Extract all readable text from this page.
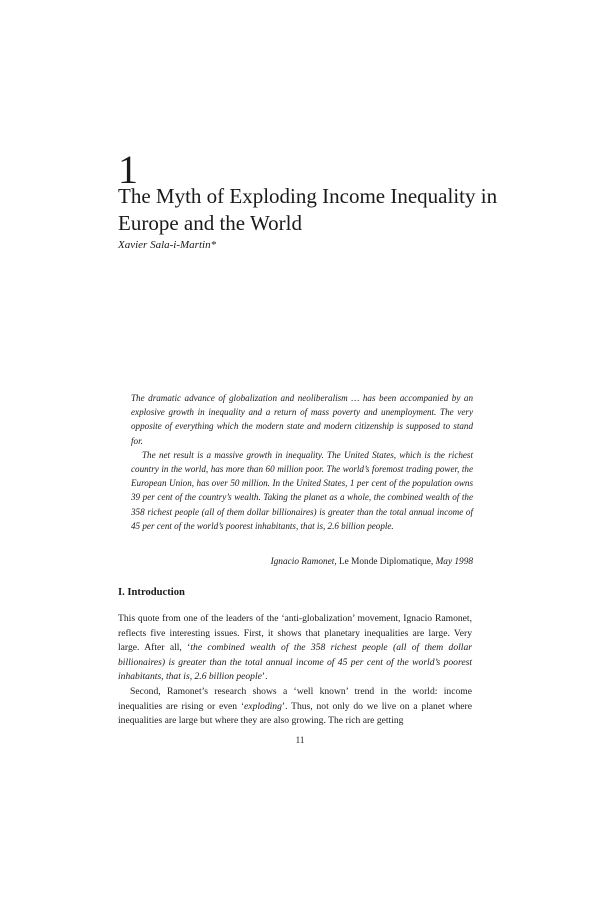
1
The Myth of Exploding Income Inequality in Europe and the World

Xavier Sala-i-Martin*

The dramatic advance of globalization and neoliberalism … has been accompanied by an explosive growth in inequality and a return of mass poverty and unemployment. The very opposite of everything which the modern state and modern citizenship is supposed to stand for.

The net result is a massive growth in inequality. The United States, which is the richest country in the world, has more than 60 million poor. The world’s foremost trading power, the European Union, has over 50 million. In the United States, 1 per cent of the population owns 39 per cent of the country’s wealth. Taking the planet as a whole, the combined wealth of the 358 richest people (all of them dollar billionaires) is greater than the total annual income of 45 per cent of the world’s poorest inhabitants, that is, 2.6 billion people.

Ignacio Ramonet, Le Monde Diplomatique, May 1998

I. Introduction

This quote from one of the leaders of the ‘anti-globalization’ movement, Ignacio Ramonet, reflects five interesting issues. First, it shows that planetary inequalities are large. Very large. After all, ‘the combined wealth of the 358 richest people (all of them dollar billionaires) is greater than the total annual income of 45 per cent of the world’s poorest inhabitants, that is, 2.6 billion people’.

Second, Ramonet’s research shows a ‘well known’ trend in the world: income inequalities are rising or even ‘exploding’. Thus, not only do we live on a planet where inequalities are large but where they are also growing. The rich are getting

11
